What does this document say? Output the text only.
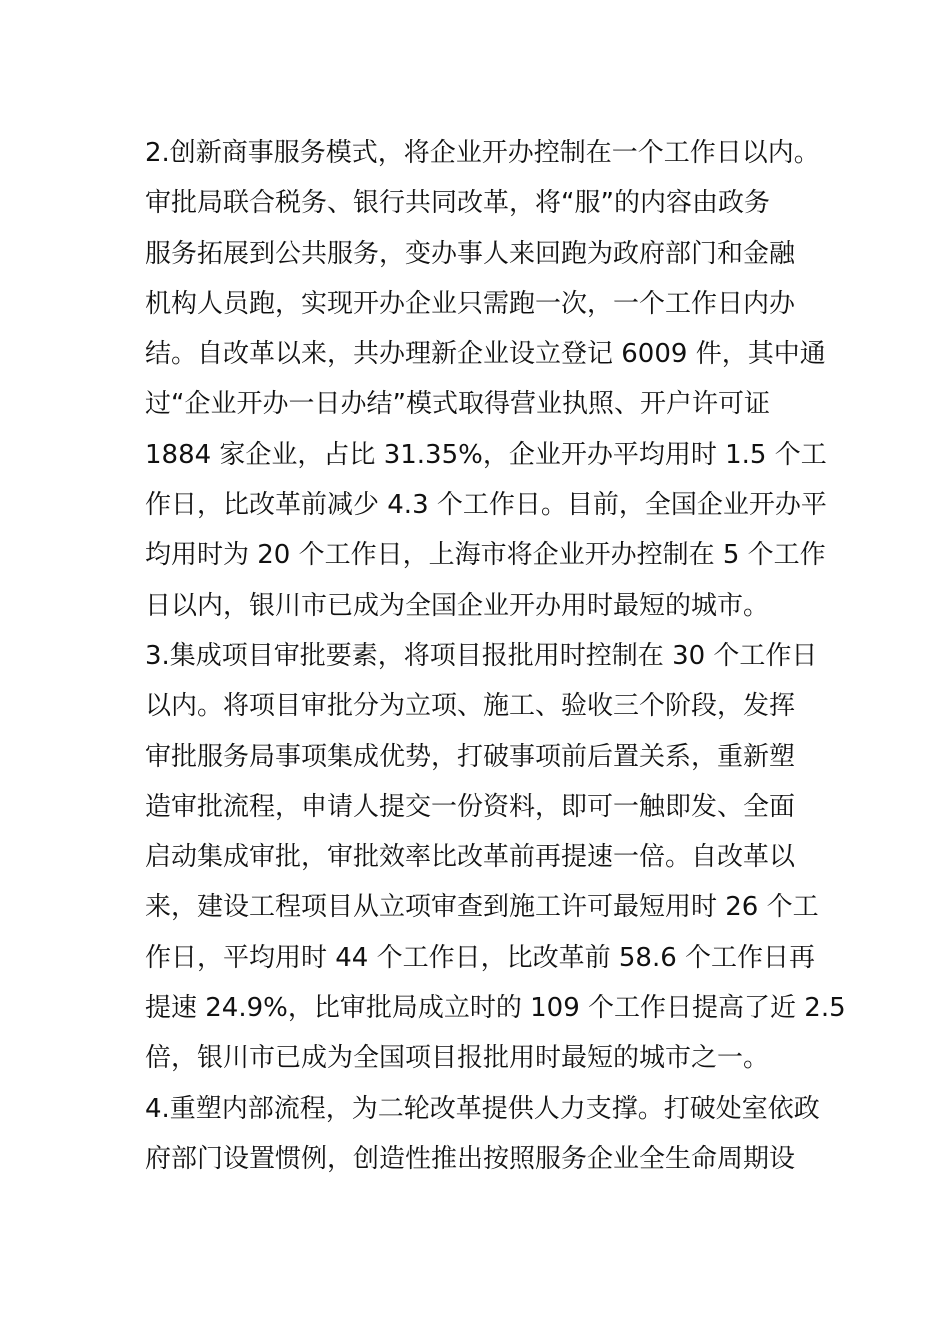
2.创新商事服务模式，将企业开办控制在一个工作日以内。
审批局联合税务、银行共同改革，将“服”的内容由政务
服务拓展到公共服务，变办事人来回跑为政府部门和金融
机构人员跑，实现开办企业只需跑一次，一个工作日内办
结。自改革以来，共办理新企业设立登记 6009 件，其中通
过“企业开办一日办结”模式取得营业执照、开户许可证
1884 家企业，占比 31.35%，企业开办平均用时 1.5 个工
作日，比改革前减少 4.3 个工作日。目前，全国企业开办平
均用时为 20 个工作日，上海市将企业开办控制在 5 个工作
日以内，银川市已成为全国企业开办用时最短的城市。
3.集成项目审批要素，将项目报批用时控制在 30 个工作日
以内。将项目审批分为立项、施工、验收三个阶段，发挥
审批服务局事项集成优势，打破事项前后置关系，重新塑
造审批流程，申请人提交一份资料，即可一触即发、全面
启动集成审批，审批效率比改革前再提速一倍。自改革以
来，建设工程项目从立项审查到施工许可最短用时 26 个工
作日，平均用时 44 个工作日，比改革前 58.6 个工作日再
提速 24.9%，比审批局成立时的 109 个工作日提高了近 2.5
倍，银川市已成为全国项目报批用时最短的城市之一。
4.重塑内部流程，为二轮改革提供人力支撑。打破处室依政
府部门设置惯例，创造性推出按照服务企业全生命周期设
